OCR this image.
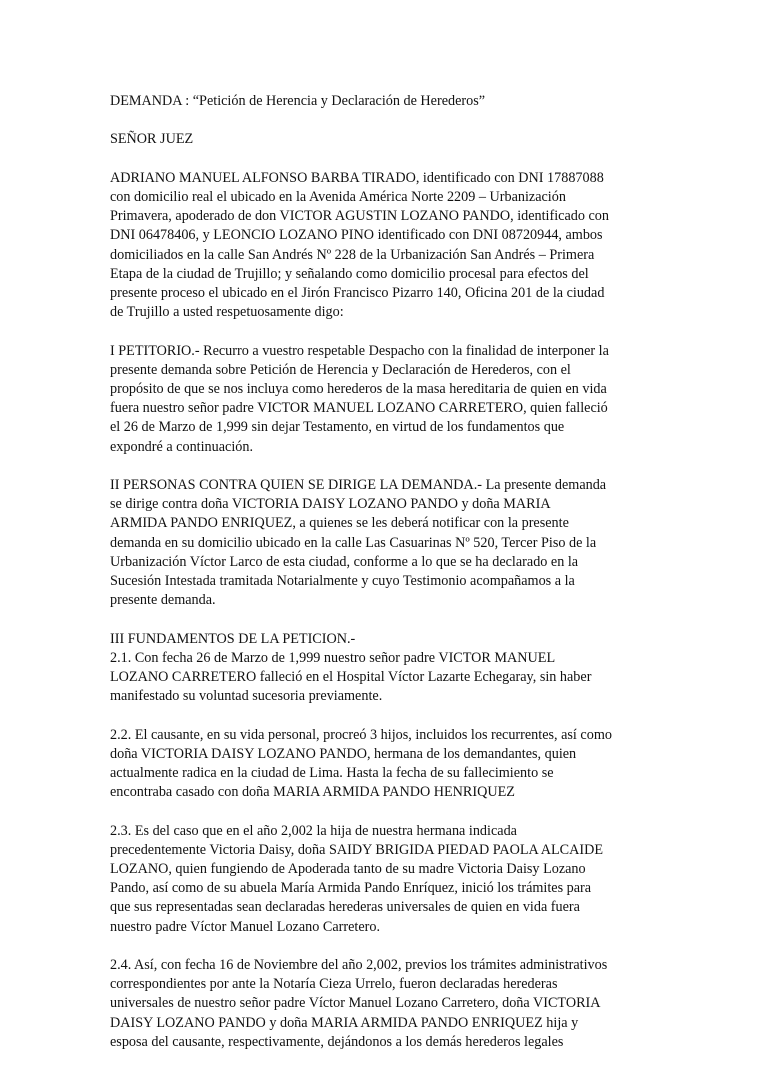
DEMANDA : “Petición de Herencia y Declaración de Herederos”

SEÑOR JUEZ

ADRIANO MANUEL ALFONSO BARBA TIRADO, identificado con DNI 17887088
con domicilio real el ubicado en la Avenida América Norte 2209 – Urbanización
Primavera, apoderado de don VICTOR AGUSTIN LOZANO PANDO, identificado con
DNI 06478406, y LEONCIO LOZANO PINO identificado con DNI 08720944, ambos
domiciliados en la calle San Andrés Nº 228 de la Urbanización San Andrés – Primera
Etapa de la ciudad de Trujillo; y señalando como domicilio procesal para efectos del
presente proceso el ubicado en el Jirón Francisco Pizarro 140, Oficina 201 de la ciudad
de Trujillo a usted respetuosamente digo:

I PETITORIO.- Recurro a vuestro respetable Despacho con la finalidad de interponer la
presente demanda sobre Petición de Herencia y Declaración de Herederos, con el
propósito de que se nos incluya como herederos de la masa hereditaria de quien en vida
fuera nuestro señor padre VICTOR MANUEL LOZANO CARRETERO, quien falleció
el 26 de Marzo de 1,999 sin dejar Testamento, en virtud de los fundamentos que
expondré a continuación.

II PERSONAS CONTRA QUIEN SE DIRIGE LA DEMANDA.- La presente demanda
se dirige contra doña VICTORIA DAISY LOZANO PANDO y doña MARIA
ARMIDA PANDO ENRIQUEZ, a quienes se les deberá notificar con la presente
demanda en su domicilio ubicado en la calle Las Casuarinas Nº 520, Tercer Piso de la
Urbanización Víctor Larco de esta ciudad, conforme a lo que se ha declarado en la
Sucesión Intestada tramitada Notarialmente y cuyo Testimonio acompañamos a la
presente demanda.

III FUNDAMENTOS DE LA PETICION.-
2.1. Con fecha 26 de Marzo de 1,999 nuestro señor padre VICTOR MANUEL
LOZANO CARRETERO falleció en el Hospital Víctor Lazarte Echegaray, sin haber
manifestado su voluntad sucesoria previamente.

2.2. El causante, en su vida personal, procreó 3 hijos, incluidos los recurrentes, así como
doña VICTORIA DAISY LOZANO PANDO, hermana de los demandantes, quien
actualmente radica en la ciudad de Lima. Hasta la fecha de su fallecimiento se
encontraba casado con doña MARIA ARMIDA PANDO HENRIQUEZ

2.3. Es del caso que en el año 2,002 la hija de nuestra hermana indicada
precedentemente Victoria Daisy, doña SAIDY BRIGIDA PIEDAD PAOLA ALCAIDE
LOZANO, quien fungiendo de Apoderada tanto de su madre Victoria Daisy Lozano
Pando, así como de su abuela María Armida Pando Enríquez, inició los trámites para
que sus representadas sean declaradas herederas universales de quien en vida fuera
nuestro padre Víctor Manuel Lozano Carretero.

2.4. Así, con fecha 16 de Noviembre del año 2,002, previos los trámites administrativos
correspondientes por ante la Notaría Cieza Urrelo, fueron declaradas herederas
universales de nuestro señor padre Víctor Manuel Lozano Carretero, doña VICTORIA
DAISY LOZANO PANDO y doña MARIA ARMIDA PANDO ENRIQUEZ hija y
esposa del causante, respectivamente, dejándonos a los demás herederos legales
